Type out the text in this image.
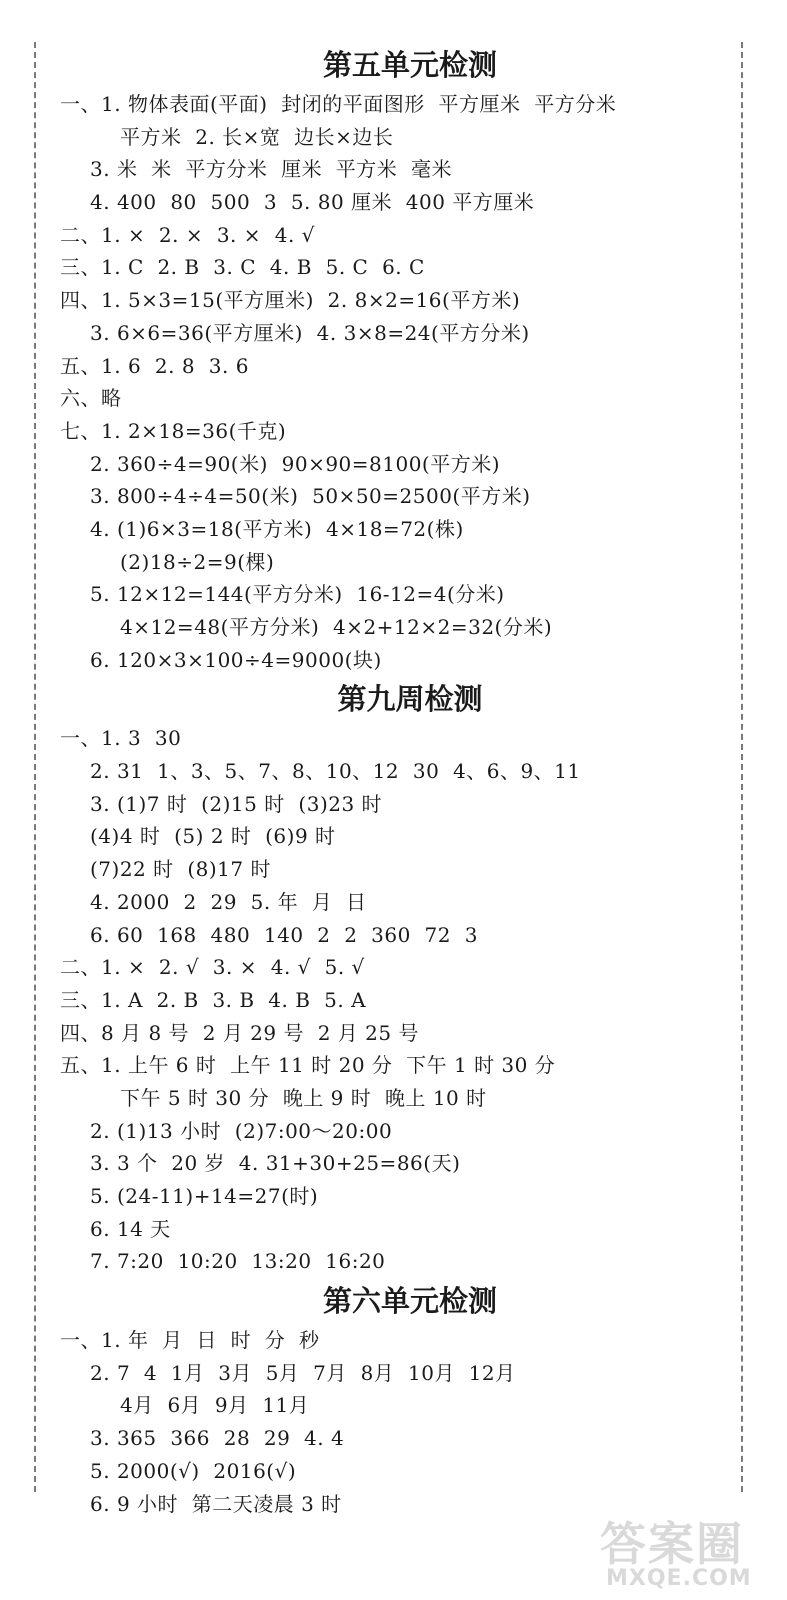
第五单元检测
一、1. 物体表面(平面)  封闭的平面图形  平方厘米  平方分米
平方米  2. 长×宽  边长×边长
3. 米  米  平方分米  厘米  平方米  毫米
4. 400  80  500  3  5. 80 厘米  400 平方厘米
二、1. ×  2. ×  3. ×  4. √
三、1. C  2. B  3. C  4. B  5. C  6. C
四、1. 5×3=15(平方厘米)  2. 8×2=16(平方米)
3. 6×6=36(平方厘米)  4. 3×8=24(平方分米)
五、1. 6  2. 8  3. 6
六、略
七、1. 2×18=36(千克)
2. 360÷4=90(米)  90×90=8100(平方米)
3. 800÷4÷4=50(米)  50×50=2500(平方米)
4. (1)6×3=18(平方米)  4×18=72(株)
(2)18÷2=9(棵)
5. 12×12=144(平方分米)  16-12=4(分米)
4×12=48(平方分米)  4×2+12×2=32(分米)
6. 120×3×100÷4=9000(块)
第九周检测
一、1. 3  30
2. 31  1、3、5、7、8、10、12  30  4、6、9、11
3. (1)7 时  (2)15 时  (3)23 时
(4)4 时  (5) 2 时  (6)9 时
(7)22 时  (8)17 时
4. 2000  2  29  5. 年  月  日
6. 60  168  480  140  2  2  360  72  3
二、1. ×  2. √  3. ×  4. √  5. √
三、1. A  2. B  3. B  4. B  5. A
四、8 月 8 号  2 月 29 号  2 月 25 号
五、1. 上午 6 时  上午 11 时 20 分  下午 1 时 30 分
下午 5 时 30 分  晚上 9 时  晚上 10 时
2. (1)13 小时  (2)7:00～20:00
3. 3 个  20 岁  4. 31+30+25=86(天)
5. (24-11)+14=27(时)
6. 14 天
7. 7:20  10:20  13:20  16:20
第六单元检测
一、1. 年  月  日  时  分  秒
2. 7  4  1月  3月  5月  7月  8月  10月  12月
4月  6月  9月  11月
3. 365  366  28  29  4. 4
5. 2000(√)  2016(√)
6. 9 小时  第二天凌晨 3 时
答案圈
MXQE.COM
